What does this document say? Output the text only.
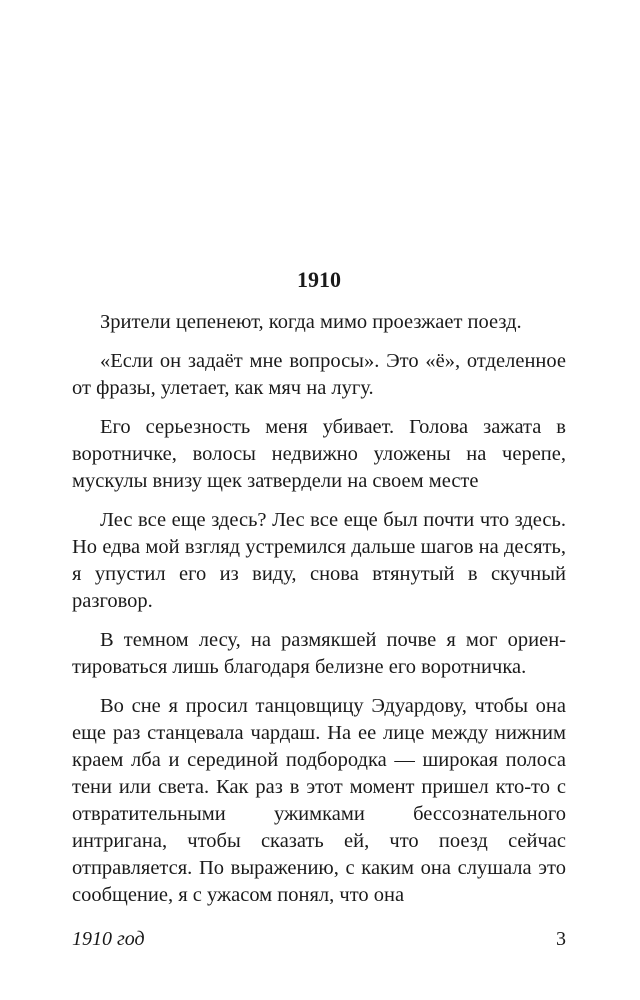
1910

Зрители цепенеют, когда мимо проезжает поезд.

«Если он задаёт мне вопросы». Это «ё», отделенное от фразы, улетает, как мяч на лугу.

Его серьезность меня убивает. Голова зажата в воротничке, волосы недвижно уложены на черепе, мускулы внизу щек затвердели на своем месте

Лес все еще здесь? Лес все еще был почти что здесь. Но едва мой взгляд устремился дальше шагов на десять, я упустил его из виду, снова втянутый в скучный разговор.

В темном лесу, на размякшей почве я мог ориентироваться лишь благодаря белизне его воротничка.

Во сне я просил танцовщицу Эдуардову, чтобы она еще раз станцевала чардаш. На ее лице между нижним краем лба и серединой подбородка — широкая полоса тени или света. Как раз в этот момент пришел кто-то с отвратительными ужимками бессознательного интригана, чтобы сказать ей, что поезд сейчас отправляется. По выражению, с каким она слушала это сообщение, я с ужасом понял, что она

1910 год	3
